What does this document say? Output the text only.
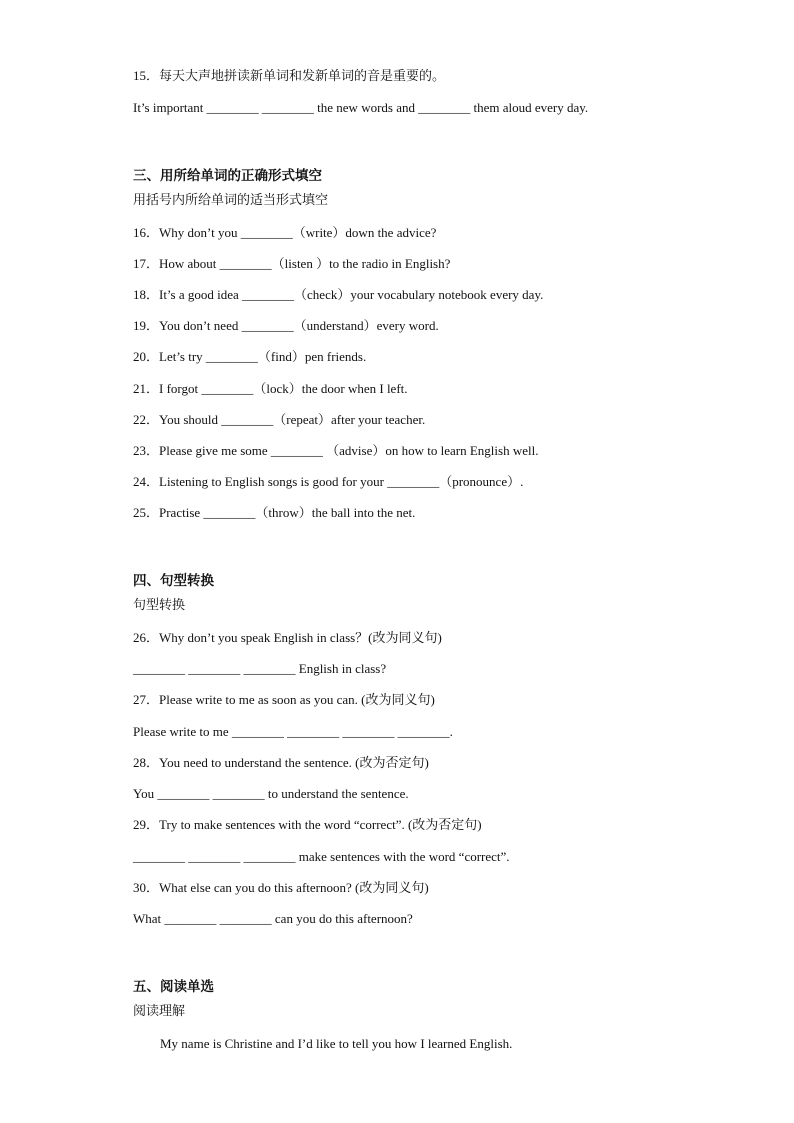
15．每天大声地拼读新单词和发新单词的音是重要的。
It’s important ________ ________ the new words and ________ them aloud every day.
三、用所给单词的正确形式填空
用括号内所给单词的适当形式填空
16．Why don’t you ________（write）down the advice?
17．How about ________（listen ）to the radio in English?
18．It’s a good idea ________（check）your vocabulary notebook every day.
19．You don’t need ________（understand）every word.
20．Let’s try ________（find）pen friends.
21．I forgot ________（lock）the door when I left.
22．You should ________（repeat）after your teacher.
23．Please give me some ________ （advise）on how to learn English well.
24．Listening to English songs is good for your ________（pronounce）.
25．Practise ________（throw）the ball into the net.
四、句型转换
句型转换
26．Why don’t you speak English in class？(改为同义句)
________ ________ ________ English in class?
27．Please write to me as soon as you can. (改为同义句)
Please write to me ________ ________ ________ ________.
28．You need to understand the sentence. (改为否定句)
You ________ ________ to understand the sentence.
29．Try to make sentences with the word “correct”. (改为否定句)
________ ________ ________ make sentences with the word “correct”.
30．What else can you do this afternoon? (改为同义句)
What ________ ________ can you do this afternoon?
五、阅读单选
阅读理解
My name is Christine and I’d like to tell you how I learned English.
